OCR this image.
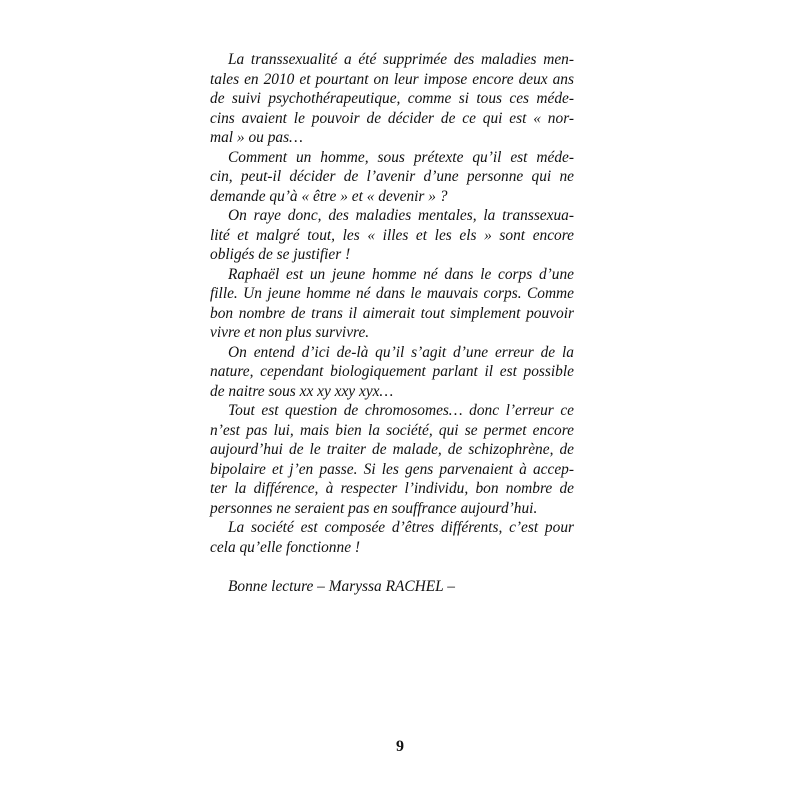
La transsexualité a été supprimée des maladies men-
tales en 2010 et pourtant on leur impose encore deux ans
de suivi psychothérapeutique, comme si tous ces méde-
cins avaient le pouvoir de décider de ce qui est « nor-
mal » ou pas…
Comment un homme, sous prétexte qu’il est méde-
cin, peut-il décider de l’avenir d’une personne qui ne
demande qu’à « être » et « devenir » ?
On raye donc, des maladies mentales, la transsexua-
lité et malgré tout, les « illes et les els » sont encore
obligés de se justifier !
Raphaël est un jeune homme né dans le corps d’une
fille. Un jeune homme né dans le mauvais corps. Comme
bon nombre de trans il aimerait tout simplement pouvoir
vivre et non plus survivre.
On entend d’ici de-là qu’il s’agit d’une erreur de la
nature, cependant biologiquement parlant il est possible
de naitre sous xx xy xxy xyx…
Tout est question de chromosomes… donc l’erreur ce
n’est pas lui, mais bien la société, qui se permet encore
aujourd’hui de le traiter de malade, de schizophrène, de
bipolaire et j’en passe. Si les gens parvenaient à accep-
ter la différence, à respecter l’individu, bon nombre de
personnes ne seraient pas en souffrance aujourd’hui.
La société est composée d’êtres différents, c’est pour
cela qu’elle fonctionne !
Bonne lecture – Maryssa RACHEL –
9
